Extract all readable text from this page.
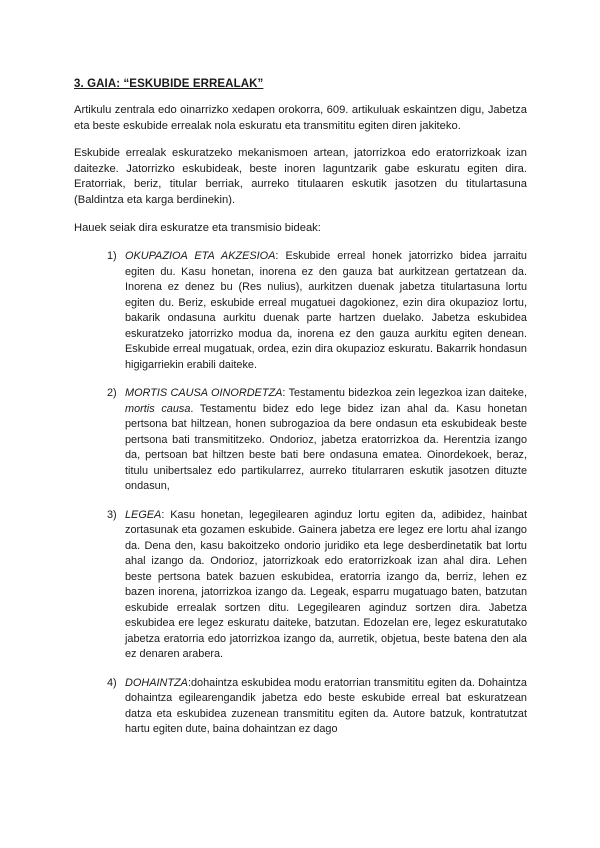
3. GAIA: “ESKUBIDE ERREALAK”

Artikulu zentrala edo oinarrizko xedapen orokorra, 609. artikuluak eskaintzen digu, Jabetza eta beste eskubide errealak nola eskuratu eta transmititu egiten diren jakiteko.

Eskubide errealak eskuratzeko mekanismoen artean, jatorrizkoa edo eratorrizkoak izan daitezke. Jatorrizko eskubideak, beste inoren laguntzarik gabe eskuratu egiten dira. Eratorriak, beriz, titular berriak, aurreko titulaaren eskutik jasotzen du titulartasuna (Baldintza eta karga berdinekin).

Hauek seiak dira eskuratze eta transmisio bideak:

1) OKUPAZIOA ETA AKZESIOA: Eskubide erreal honek jatorrizko bidea jarraitu egiten du. Kasu honetan, inorena ez den gauza bat aurkitzean gertatzean da. Inorena ez denez bu (Res nulius), aurkitzen duenak jabetza titulartasuna lortu egiten du. Beriz, eskubide erreal mugatuei dagokionez, ezin dira okupazioz lortu, bakarik ondasuna aurkitu duenak parte hartzen duelako. Jabetza eskubidea eskuratzeko jatorrizko modua da, inorena ez den gauza aurkitu egiten denean. Eskubide erreal mugatuak, ordea, ezin dira okupazioz eskuratu. Bakarrik hondasun higigarriekin erabili daiteke.
2) MORTIS CAUSA OINORDETZA: Testamentu bidezkoa zein legezkoa izan daiteke, mortis causa. Testamentu bidez edo lege bidez izan ahal da. Kasu honetan pertsona bat hiltzean, honen subrogazioa da bere ondasun eta eskubideak beste pertsona bati transmititzeko. Ondorioz, jabetza eratorrizkoa da. Herentzia izango da, pertsoan bat hiltzen beste bati bere ondasuna ematea. Oinordekoek, beraz, titulu unibertsalez edo partikularrez, aurreko titularraren eskutik jasotzen dituzte ondasun,
3) LEGEA: Kasu honetan, legegilearen aginduz lortu egiten da, adibidez, hainbat zortasunak eta gozamen eskubide. Gainera jabetza ere legez ere lortu ahal izango da. Dena den, kasu bakoitzeko ondorio juridiko eta lege desberdinetatik bat lortu ahal izango da. Ondorioz, jatorrizkoak edo eratorrizkoak izan ahal dira. Lehen beste pertsona batek bazuen eskubidea, eratorria izango da, berriz, lehen ez bazen inorena, jatorrizkoa izango da. Legeak, esparru mugatuago baten, batzutan eskubide errealak sortzen ditu. Legegilearen aginduz sortzen dira. Jabetza eskubidea ere legez eskuratu daiteke, batzutan. Edozelan ere, legez eskuratutako jabetza eratorria edo jatorrizkoa izango da, aurretik, objetua, beste batena den ala ez denaren arabera.
4) DOHAINTZA:dohaintza eskubidea modu eratorrian transmititu egiten da. Dohaintza dohaintza egilearengandik jabetza edo beste eskubide erreal bat eskuratzean datza eta eskubidea zuzenean transmititu egiten da. Autore batzuk, kontratutzat hartu egiten dute, baina dohaintzan ez dago
